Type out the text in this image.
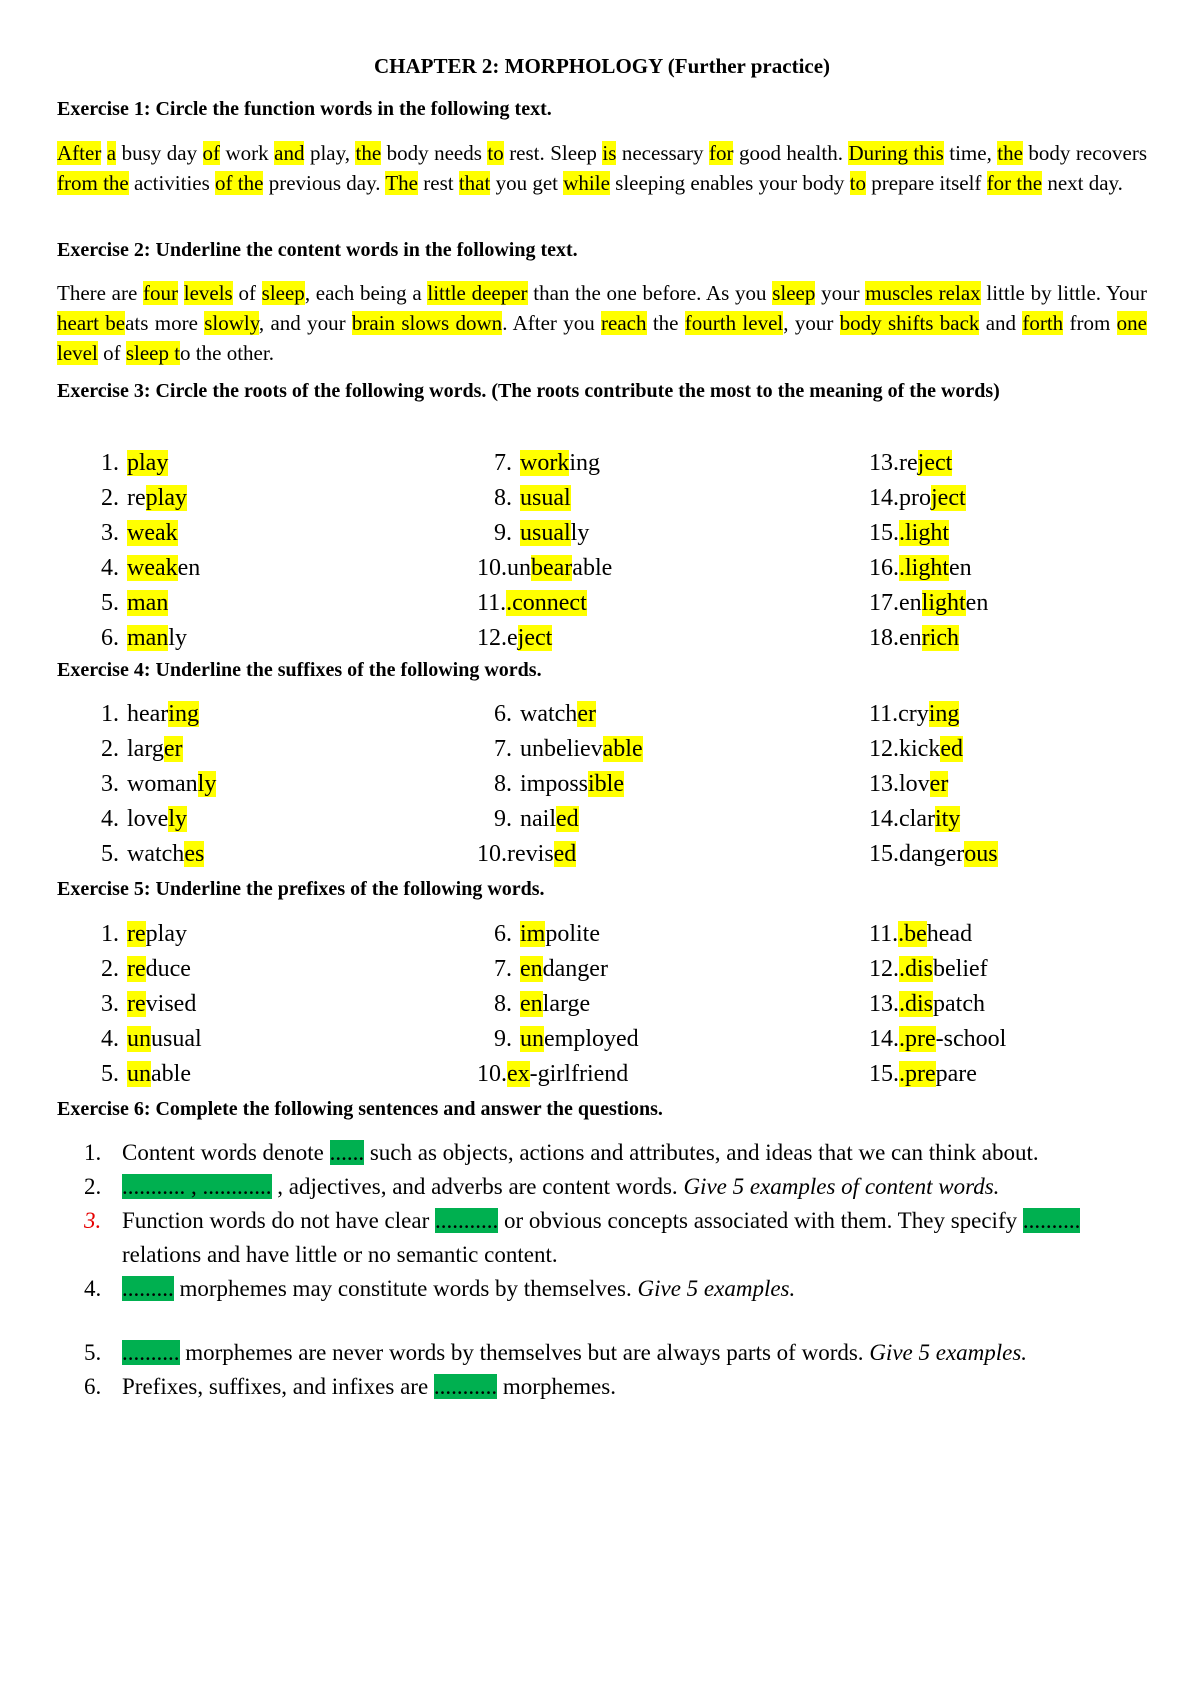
CHAPTER 2: MORPHOLOGY (Further practice)
Exercise 1: Circle the function words in the following text.
After a busy day of work and play, the body needs to rest. Sleep is necessary for good health. During this time, the body recovers from the activities of the previous day. The rest that you get while sleeping enables your body to prepare itself for the next day.
Exercise 2: Underline the content words in the following text.
There are four levels of sleep, each being a little deeper than the one before. As you sleep your muscles relax little by little. Your heart beats more slowly, and your brain slows down. After you reach the fourth level, your body shifts back and forth from one level of sleep to the other.
Exercise 3: Circle the roots of the following words. (The roots contribute the most to the meaning of the words)
1. play
2. replay
3. weak
4. weaken
5. man
6. manly
7. working
8. usual
9. usually
10.unbearable
11..connect
12.eject
13.reject
14.project
15..light
16..lighten
17.enlighten
18.enrich
Exercise 4: Underline the suffixes of the following words.
1. hearing
2. larger
3. womanly
4. lovely
5. watches
6. watcher
7. unbelievable
8. impossible
9. nailed
10.revised
11.crying
12.kicked
13.lover
14.clarity
15.dangerous
Exercise 5: Underline the prefixes of the following words.
1. replay
2. reduce
3. revised
4. unusual
5. unable
6. impolite
7. endanger
8. enlarge
9. unemployed
10.ex-girlfriend
11..behead
12..disbelief
13..dispatch
14..pre-school
15..prepare
Exercise 6: Complete the following sentences and answer the questions.
1. Content words denote ...... such as objects, actions and attributes, and ideas that we can think about.
2. ........... , ............ , adjectives, and adverbs are content words. Give 5 examples of content words.
3. Function words do not have clear ........... or obvious concepts associated with them. They specify .......... relations and have little or no semantic content.
4. ......... morphemes may constitute words by themselves. Give 5 examples.
5. .......... morphemes are never words by themselves but are always parts of words. Give 5 examples.
6. Prefixes, suffixes, and infixes are ........... morphemes.
